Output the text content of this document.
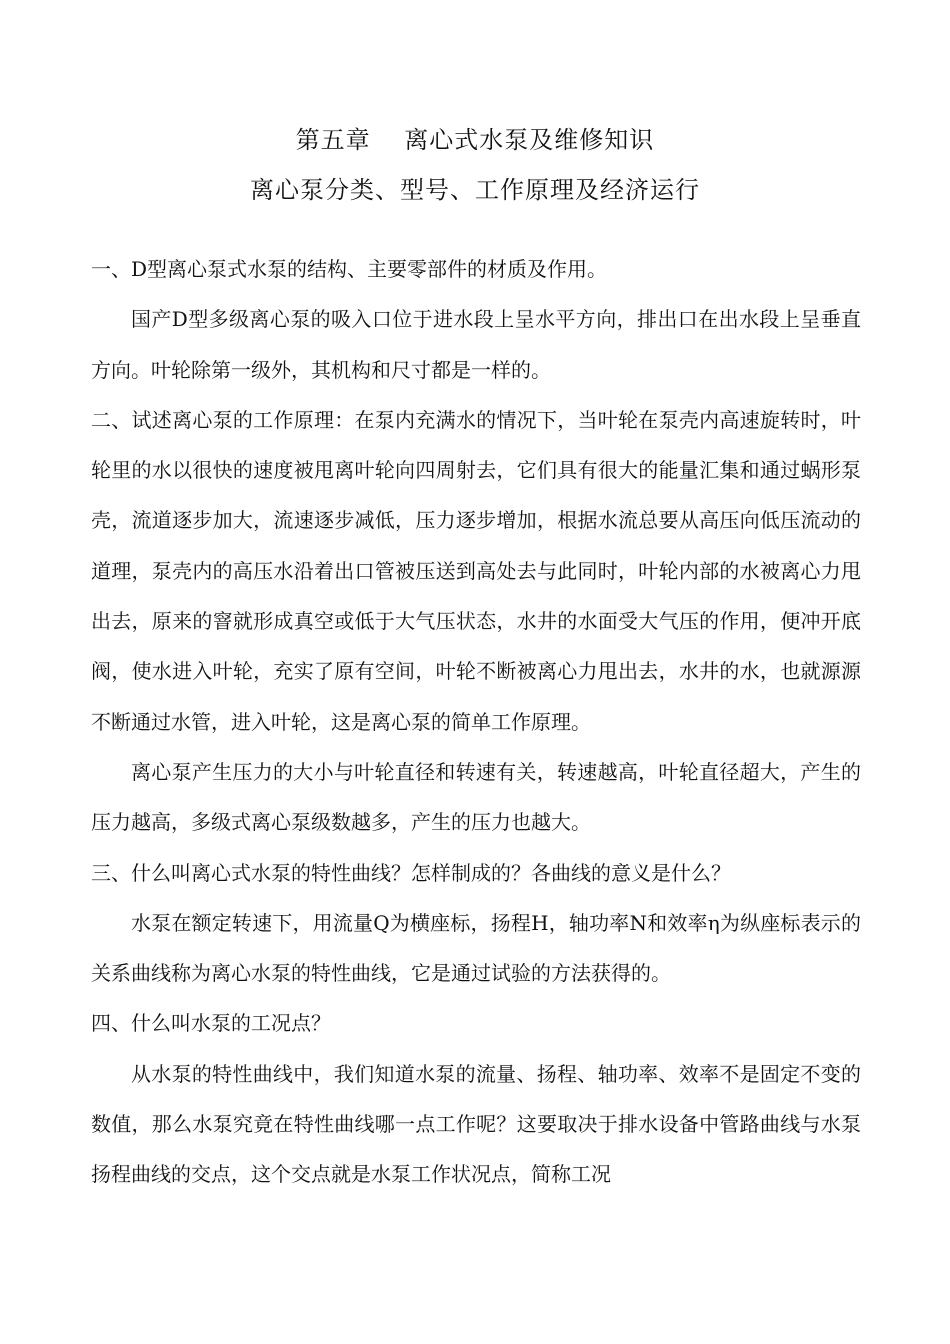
第五章　 离心式水泵及维修知识
离心泵分类、型号、工作原理及经济运行

一、D型离心泵式水泵的结构、主要零部件的材质及作用。

国产D型多级离心泵的吸入口位于进水段上呈水平方向，排出口在出水段上呈垂直方向。叶轮除第一级外，其机构和尺寸都是一样的。

二、试述离心泵的工作原理：在泵内充满水的情况下，当叶轮在泵壳内高速旋转时，叶轮里的水以很快的速度被甩离叶轮向四周射去，它们具有很大的能量汇集和通过蜗形泵壳，流道逐步加大，流速逐步减低，压力逐步增加，根据水流总要从高压向低压流动的道理，泵壳内的高压水沿着出口管被压送到高处去与此同时，叶轮内部的水被离心力甩出去，原来的窨就形成真空或低于大气压状态，水井的水面受大气压的作用，便冲开底阀，使水进入叶轮，充实了原有空间，叶轮不断被离心力甩出去，水井的水，也就源源不断通过水管，进入叶轮，这是离心泵的简单工作原理。

离心泵产生压力的大小与叶轮直径和转速有关，转速越高，叶轮直径超大，产生的压力越高，多级式离心泵级数越多，产生的压力也越大。

三、什么叫离心式水泵的特性曲线？怎样制成的？各曲线的意义是什么？

水泵在额定转速下，用流量Q为横座标，扬程H，轴功率N和效率η为纵座标表示的关系曲线称为离心水泵的特性曲线，它是通过试验的方法获得的。

四、什么叫水泵的工况点？

从水泵的特性曲线中，我们知道水泵的流量、扬程、轴功率、效率不是固定不变的数值，那么水泵究竟在特性曲线哪一点工作呢？这要取决于排水设备中管路曲线与水泵扬程曲线的交点，这个交点就是水泵工作状况点，简称工况
